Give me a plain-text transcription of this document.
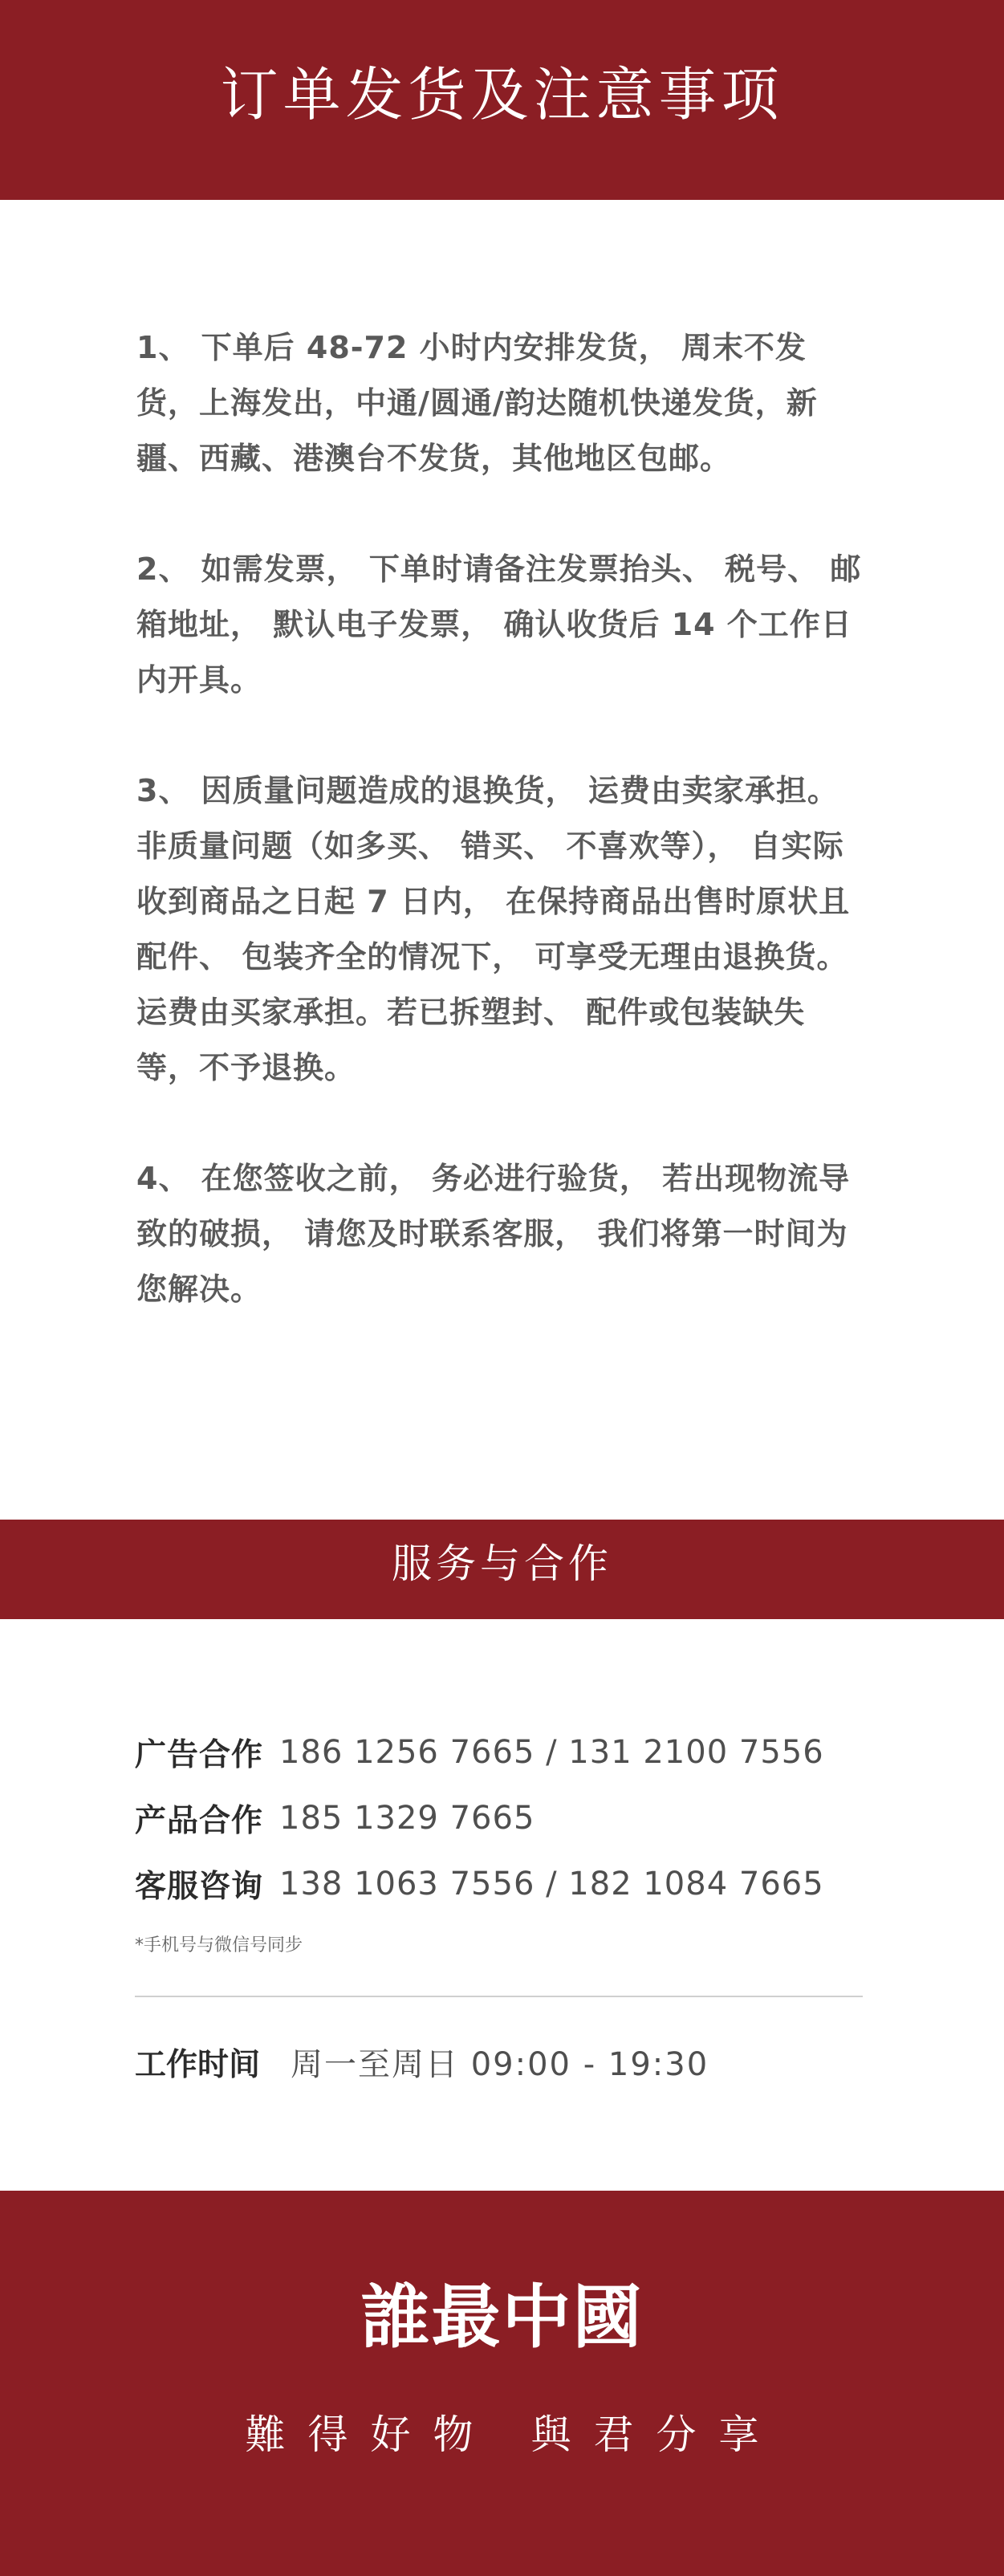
订单发货及注意事项

1、 下单后 48-72 小时内安排发货， 周末不发货，上海发出，中通/圆通/韵达随机快递发货，新疆、西藏、港澳台不发货，其他地区包邮。

2、 如需发票， 下单时请备注发票抬头、 税号、 邮箱地址， 默认电子发票， 确认收货后 14 个工作日内开具。

3、 因质量问题造成的退换货， 运费由卖家承担。非质量问题（如多买、 错买、 不喜欢等）， 自实际收到商品之日起 7 日内， 在保持商品出售时原状且配件、 包装齐全的情况下， 可享受无理由退换货。运费由买家承担。若已拆塑封、 配件或包装缺失等，不予退换。

4、 在您签收之前， 务必进行验货， 若出现物流导致的破损， 请您及时联系客服， 我们将第一时间为您解决。

服务与合作
广告合作 186 1256 7665 / 131 2100 7556
产品合作 185 1329 7665
客服咨询 138 1063 7556 / 182 1084 7665
*手机号与微信号同步
工作时间 周一至周日 09:00 - 19:30
誰最中國
難得好物 與君分享
